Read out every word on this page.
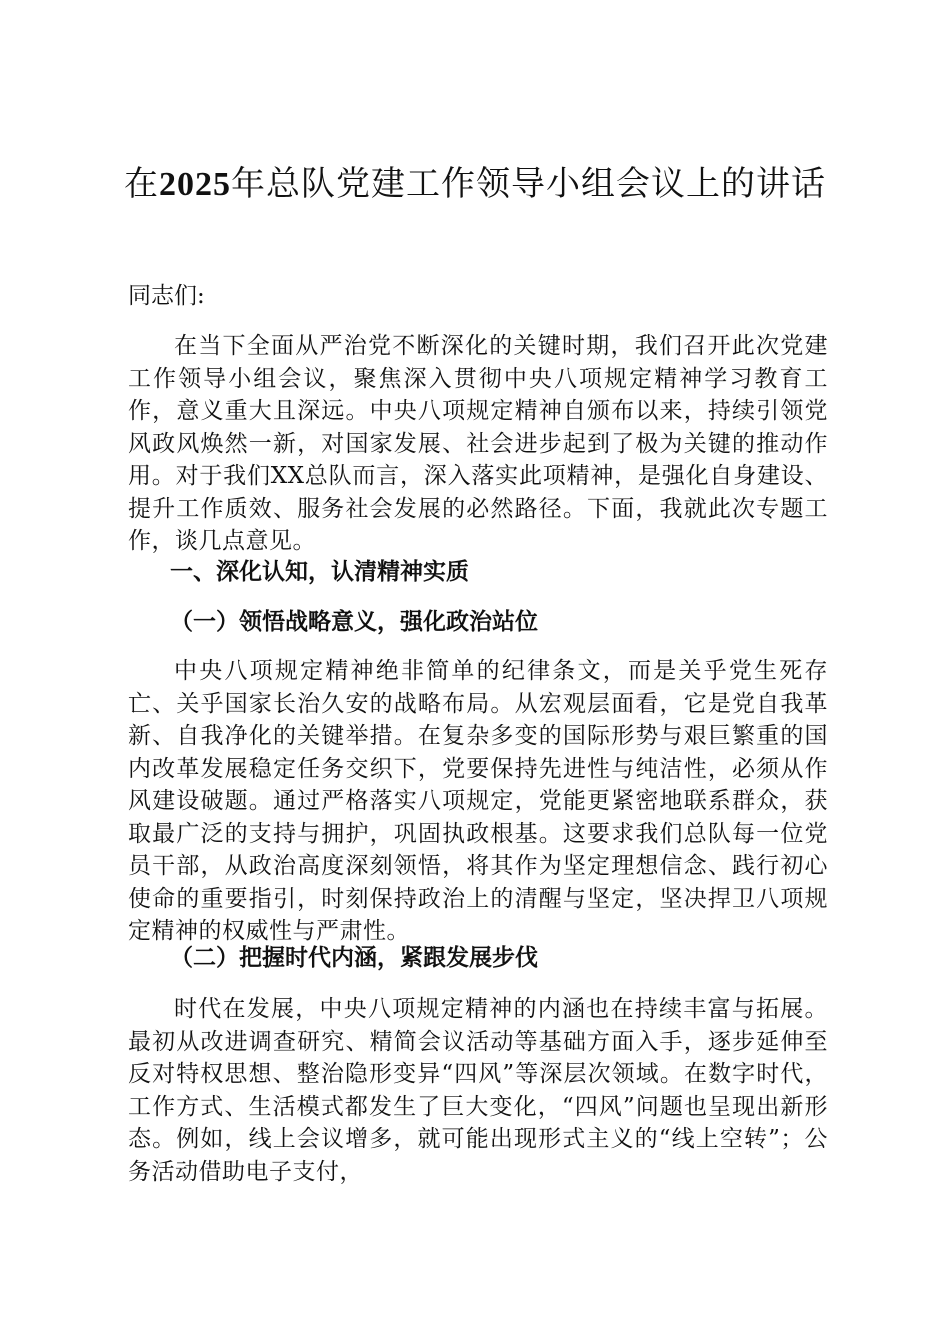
在2025年总队党建工作领导小组会议上的讲话
同志们:
在当下全面从严治党不断深化的关键时期，我们召开此次党建工作领导小组会议，聚焦深入贯彻中央八项规定精神学习教育工作，意义重大且深远。中央八项规定精神自颁布以来，持续引领党风政风焕然一新，对国家发展、社会进步起到了极为关键的推动作用。对于我们XX总队而言，深入落实此项精神，是强化自身建设、提升工作质效、服务社会发展的必然路径。下面，我就此次专题工作，谈几点意见。
一、深化认知，认清精神实质
（一）领悟战略意义，强化政治站位
中央八项规定精神绝非简单的纪律条文，而是关乎党生死存亡、关乎国家长治久安的战略布局。从宏观层面看，它是党自我革新、自我净化的关键举措。在复杂多变的国际形势与艰巨繁重的国内改革发展稳定任务交织下，党要保持先进性与纯洁性，必须从作风建设破题。通过严格落实八项规定，党能更紧密地联系群众，获取最广泛的支持与拥护，巩固执政根基。这要求我们总队每一位党员干部，从政治高度深刻领悟，将其作为坚定理想信念、践行初心使命的重要指引，时刻保持政治上的清醒与坚定，坚决捍卫八项规定精神的权威性与严肃性。
（二）把握时代内涵，紧跟发展步伐
时代在发展，中央八项规定精神的内涵也在持续丰富与拓展。最初从改进调查研究、精简会议活动等基础方面入手，逐步延伸至反对特权思想、整治隐形变异“四风”等深层次领域。在数字时代，工作方式、生活模式都发生了巨大变化，“四风”问题也呈现出新形态。例如，线上会议增多，就可能出现形式主义的“线上空转”；公务活动借助电子支付，
